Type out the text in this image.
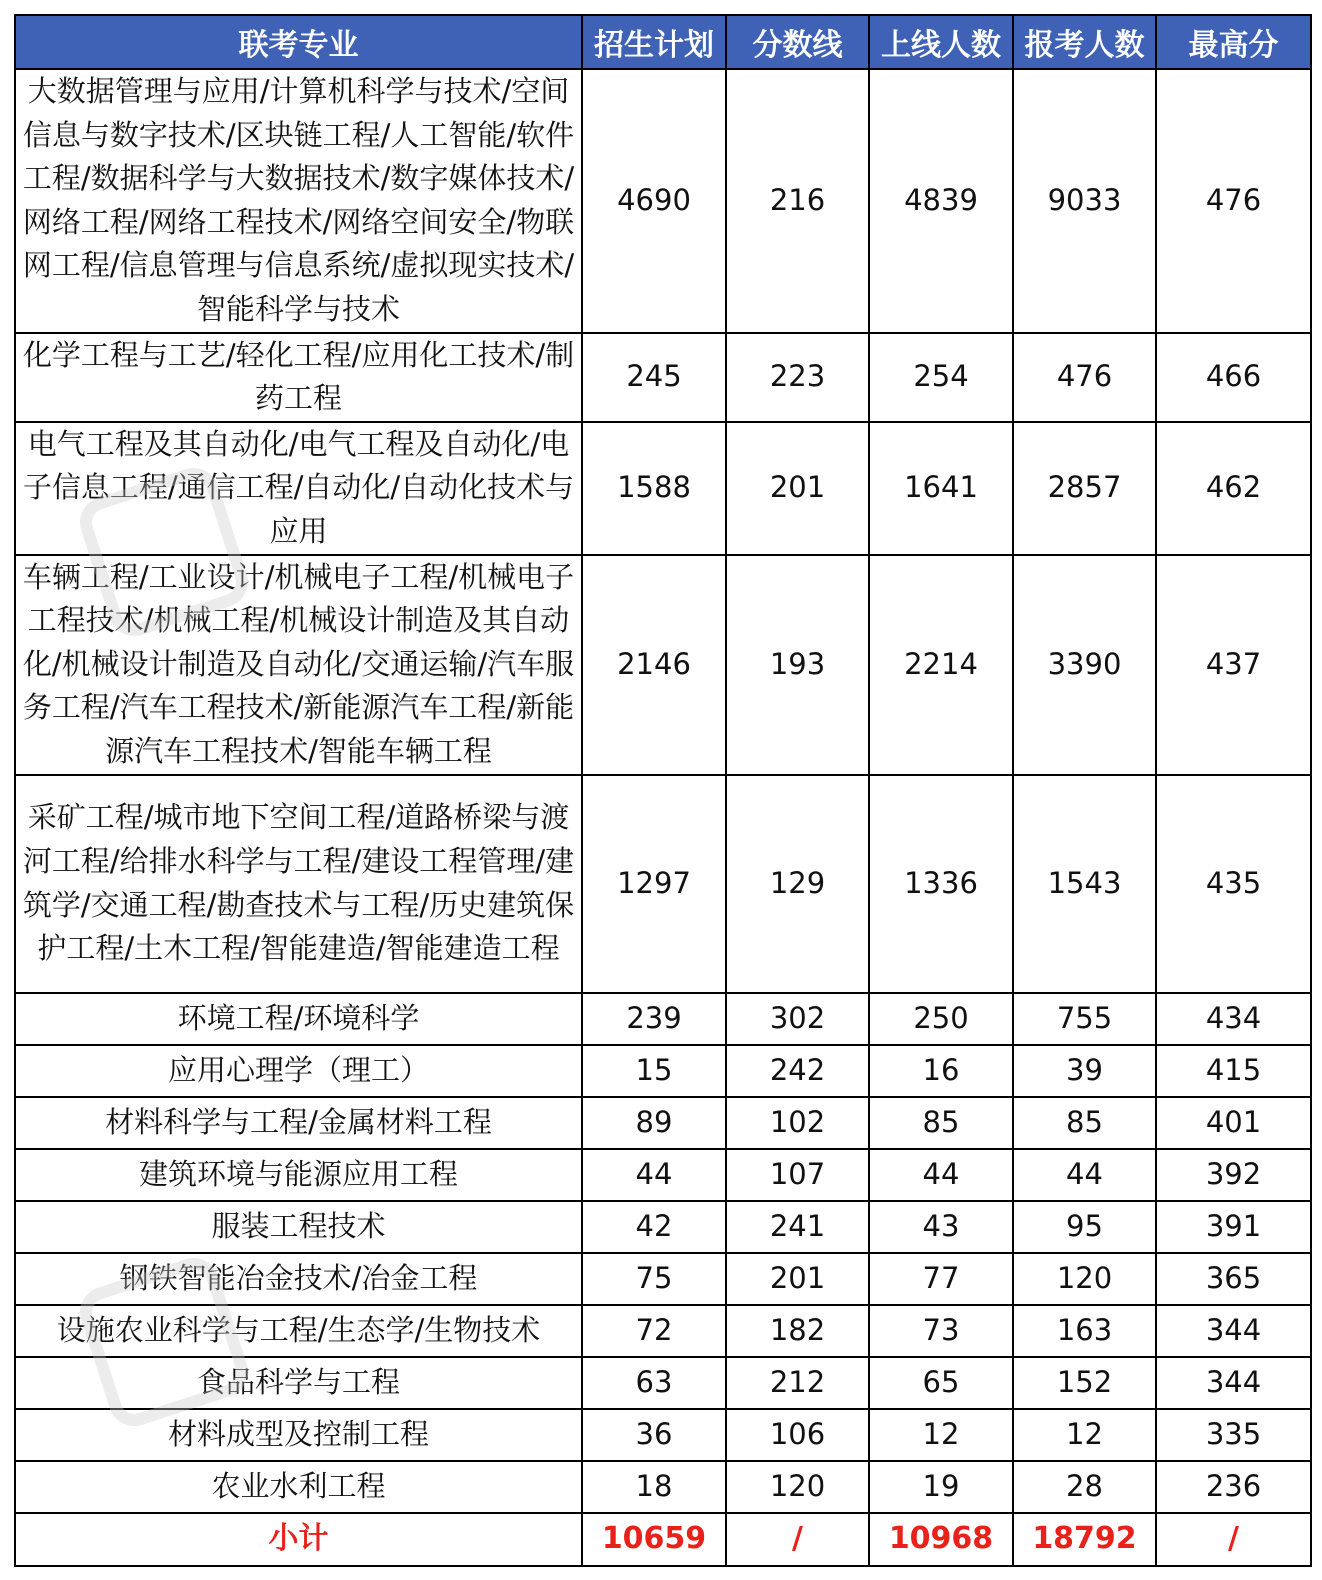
联考专业	招生计划	分数线	上线人数	报考人数	最高分
大数据管理与应用/计算机科学与技术/空间信息与数字技术/区块链工程/人工智能/软件工程/数据科学与大数据技术/数字媒体技术/网络工程/网络工程技术/网络空间安全/物联网工程/信息管理与信息系统/虚拟现实技术/智能科学与技术	4690	216	4839	9033	476
化学工程与工艺/轻化工程/应用化工技术/制药工程	245	223	254	476	466
电气工程及其自动化/电气工程及自动化/电子信息工程/通信工程/自动化/自动化技术与应用	1588	201	1641	2857	462
车辆工程/工业设计/机械电子工程/机械电子工程技术/机械工程/机械设计制造及其自动化/机械设计制造及自动化/交通运输/汽车服务工程/汽车工程技术/新能源汽车工程/新能源汽车工程技术/智能车辆工程	2146	193	2214	3390	437
采矿工程/城市地下空间工程/道路桥梁与渡河工程/给排水科学与工程/建设工程管理/建筑学/交通工程/勘查技术与工程/历史建筑保护工程/土木工程/智能建造/智能建造工程	1297	129	1336	1543	435
环境工程/环境科学	239	302	250	755	434
应用心理学（理工）	15	242	16	39	415
材料科学与工程/金属材料工程	89	102	85	85	401
建筑环境与能源应用工程	44	107	44	44	392
服装工程技术	42	241	43	95	391
钢铁智能冶金技术/冶金工程	75	201	77	120	365
设施农业科学与工程/生态学/生物技术	72	182	73	163	344
食品科学与工程	63	212	65	152	344
材料成型及控制工程	36	106	12	12	335
农业水利工程	18	120	19	28	236
小计	10659	/	10968	18792	/
